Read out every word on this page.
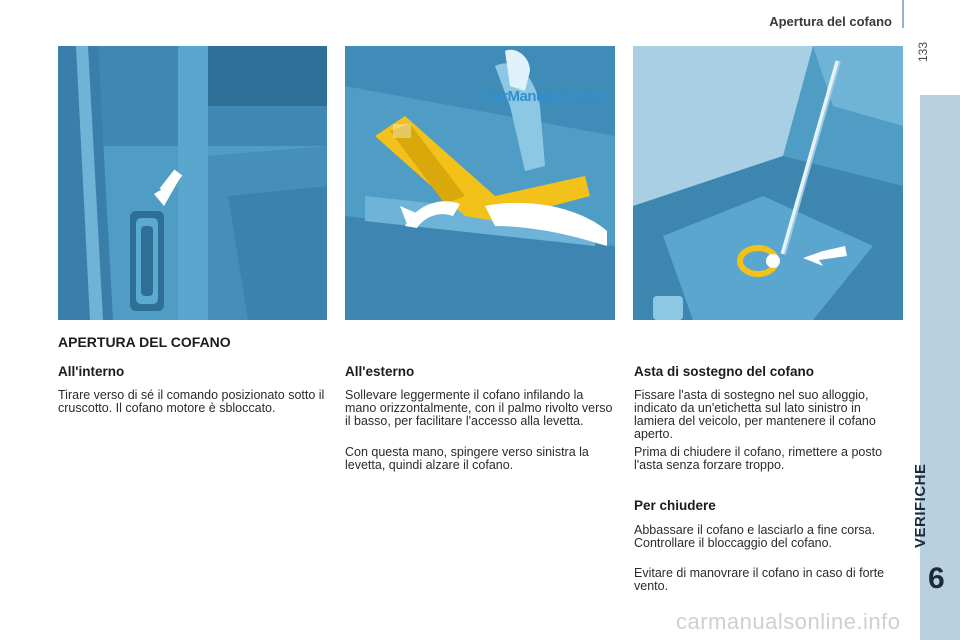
Apertura del cofano
133
VERIFICHE
6
CarManuals2.com
APERTURA DEL COFANO
All'interno

Tirare verso di sé il comando posizionato sotto il cruscotto. Il cofano motore è sbloccato.

All'esterno

Sollevare leggermente il cofano infilando la mano orizzontalmente, con il palmo rivolto verso il basso, per facilitare l'accesso alla levetta.

Con questa mano, spingere verso sinistra la levetta, quindi alzare il cofano.

Asta di sostegno del cofano

Fissare l'asta di sostegno nel suo alloggio, indicato da un'etichetta sul lato sinistro in lamiera del veicolo, per mantenere il cofano aperto.

Prima di chiudere il cofano, rimettere a posto l'asta senza forzare troppo.

Per chiudere

Abbassare il cofano e lasciarlo a fine corsa. Controllare il bloccaggio del cofano.

Evitare di manovrare il cofano in caso di forte vento.

carmanualsonline.info
